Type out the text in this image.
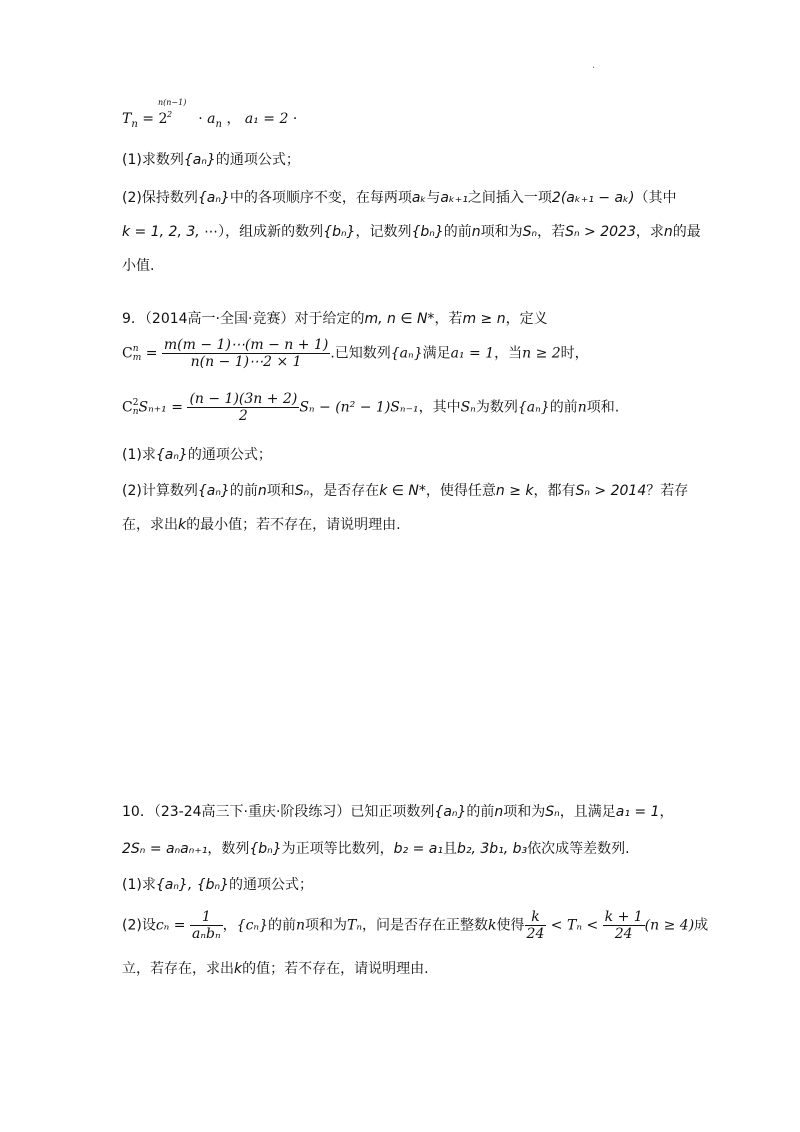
.
n(n−1)
2
$T_n = 2 \cdot a_n$ ， a₁ = 2 ·
(1)求数列{aₙ}的通项公式；
(2)保持数列{aₙ}中的各项顺序不变，在每两项aₖ与aₖ₊₁之间插入一项2(aₖ₊₁ − aₖ)（其中
k = 1, 2, 3, ⋯），组成新的数列{bₙ}，记数列{bₙ}的前n项和为Sₙ，若Sₙ > 2023，求n的最
小值.
9．（2014高一·全国·竞赛）对于给定的m, n ∈ N*，若m ≥ n，定义
C n
$m = \frac{m(m - 1)\cdots(m - n + 1)}{n(n - 1)\cdots 2 \times 1}$ .已知数列{aₙ}满足a₁ = 1，当n ≥ 2时，
C 2
n $S_{n+1} = \frac{(n - 1)(3n + 2)}{2}$ Sₙ − (n² − 1)Sₙ₋₁，其中Sₙ为数列{aₙ}的前n项和.
(1)求{aₙ}的通项公式；
(2)计算数列{aₙ}的前n项和Sₙ，是否存在k ∈ N*，使得任意n ≥ k，都有Sₙ > 2014？若存
在，求出k的最小值；若不存在，请说明理由.
10．（23-24高三下·重庆·阶段练习）已知正项数列{aₙ}的前n项和为Sₙ，且满足a₁ = 1，
2Sₙ = aₙaₙ₊₁，数列{bₙ}为正项等比数列，b₂ = a₁且b₂, 3b₁, b₃依次成等差数列.
(1)求{aₙ}, {bₙ}的通项公式；
(2)设$c_n = \frac{1}{\text{aₙbₙ}}$ ，{cₙ}的前n项和为Tₙ，问是否存在正整数k使得 $\frac{k}{24} < T_n < \frac{k + 1}{24} (n \ge 4)$成
立，若存在，求出k的值；若不存在，请说明理由.
